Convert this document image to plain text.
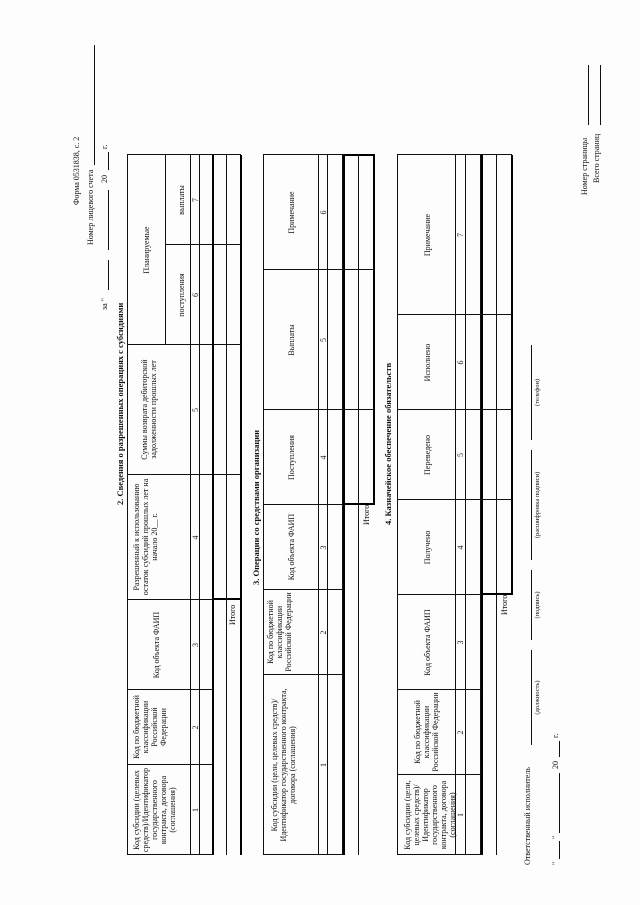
Форма 0531838, с. 2 Номер лицевого счета
за "
20
г.
2. Сведения о разрешенных операциях с субсидиями
Код субсидии (целевых средств)/Идентификатор государственного контракта, договора (соглашения)
Код по бюджетной классификации Российской Федерации
Код объекта ФАИП
Разрешенный к использованию остаток субсидий прошлых лет на начало 20__ г.
Суммы возврата дебиторской задолженности прошлых лет
Планируемые
поступления
выплаты
1
2
3
4
5
6
7
Итого
3. Операции со средствами организации
Код субсидии (цели, целевых средств)/Идентификатор государственного контракта, договора (соглашения)
Код по бюджетной классификации Российской Федерации
Код объекта ФАИП
Поступления
Выплаты
Примечание
1
2
3
4
5
6
Итого 4. Казначейское обеспечение обязательств
Код субсидии (цели, целевых средств)/Идентификатор государственного контракта, договора (соглашения)
Код по бюджетной классификации Российской Федерации
Код объекта ФАИП
Получено
Переведено
Исполнено
Примечание
1
2
3
4
5
6
7
Итого
Ответственный исполнитель
(должность)
(подпись)
(расшифровка подписи)
(телефон)
"
"
20
г.
Номер страницы Всего страниц
